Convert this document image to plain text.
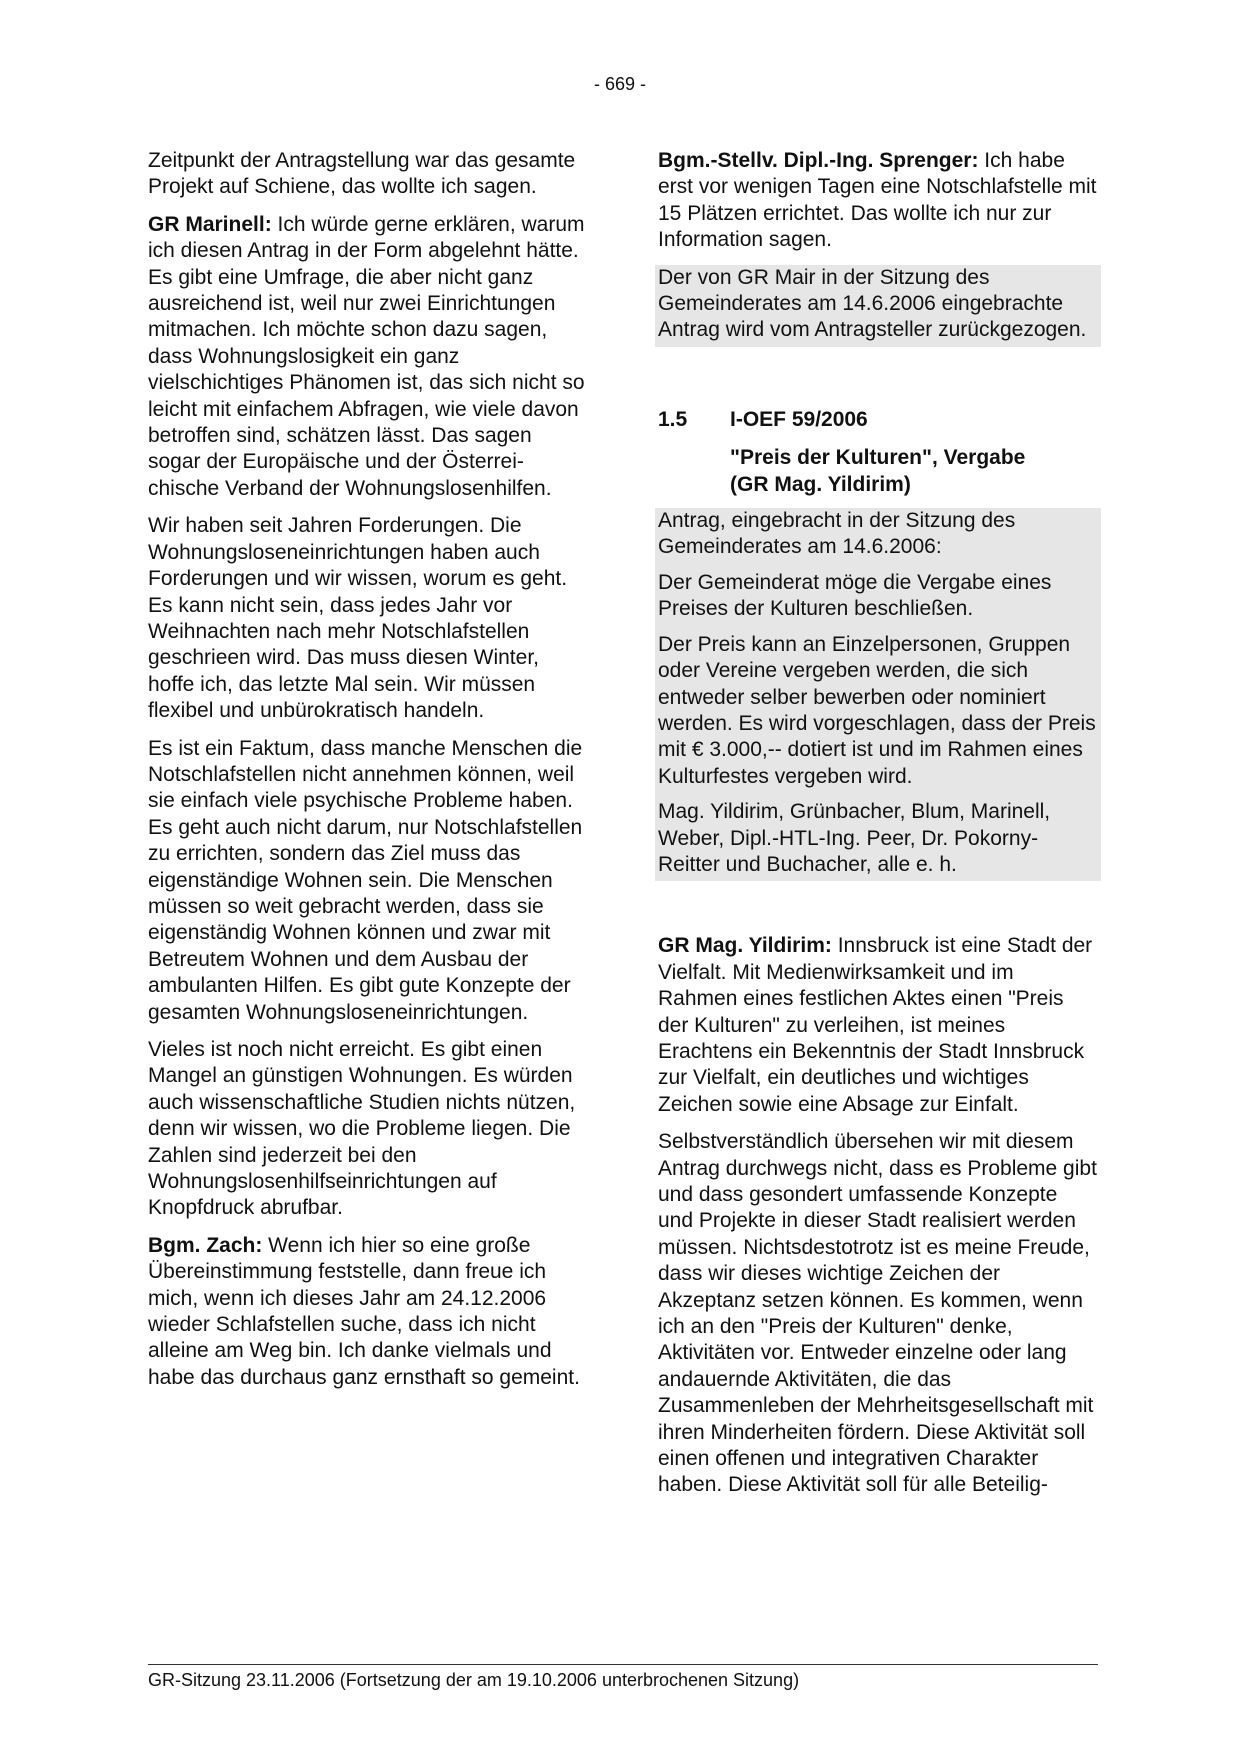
- 669 -

Zeitpunkt der Antragstellung war das gesamte Projekt auf Schiene, das wollte ich sagen.

GR Marinell: Ich würde gerne erklären, warum ich diesen Antrag in der Form abgelehnt hätte. Es gibt eine Umfrage, die aber nicht ganz ausreichend ist, weil nur zwei Einrichtungen mitmachen. Ich möchte schon dazu sagen, dass Wohnungslosigkeit ein ganz vielschichtiges Phänomen ist, das sich nicht so leicht mit einfachem Abfragen, wie viele davon betroffen sind, schätzen lässt. Das sagen sogar der Europäische und der Österreichische Verband der Wohnungslosenhilfen.

Wir haben seit Jahren Forderungen. Die Wohnungsloseneinrichtungen haben auch Forderungen und wir wissen, worum es geht. Es kann nicht sein, dass jedes Jahr vor Weihnachten nach mehr Notschlafstellen geschrieen wird. Das muss diesen Winter, hoffe ich, das letzte Mal sein. Wir müssen flexibel und unbürokratisch handeln.

Es ist ein Faktum, dass manche Menschen die Notschlafstellen nicht annehmen können, weil sie einfach viele psychische Probleme haben. Es geht auch nicht darum, nur Notschlafstellen zu errichten, sondern das Ziel muss das eigenständige Wohnen sein. Die Menschen müssen so weit gebracht werden, dass sie eigenständig Wohnen können und zwar mit Betreutem Wohnen und dem Ausbau der ambulanten Hilfen. Es gibt gute Konzepte der gesamten Wohnungsloseneinrichtungen.

Vieles ist noch nicht erreicht. Es gibt einen Mangel an günstigen Wohnungen. Es würden auch wissenschaftliche Studien nichts nützen, denn wir wissen, wo die Probleme liegen. Die Zahlen sind jederzeit bei den Wohnungslosenhilfseinrichtungen auf Knopfdruck abrufbar.

Bgm. Zach: Wenn ich hier so eine große Übereinstimmung feststelle, dann freue ich mich, wenn ich dieses Jahr am 24.12.2006 wieder Schlafstellen suche, dass ich nicht alleine am Weg bin. Ich danke vielmals und habe das durchaus ganz ernsthaft so gemeint.

Bgm.-Stellv. Dipl.-Ing. Sprenger: Ich habe erst vor wenigen Tagen eine Notschlafstelle mit 15 Plätzen errichtet. Das wollte ich nur zur Information sagen.

Der von GR Mair in der Sitzung des Gemeinderates am 14.6.2006 eingebrachte Antrag wird vom Antragsteller zurückgezogen.

1.5	I-OEF 59/2006
"Preis der Kulturen", Vergabe
(GR Mag. Yildirim)

Antrag, eingebracht in der Sitzung des Gemeinderates am 14.6.2006:

Der Gemeinderat möge die Vergabe eines Preises der Kulturen beschließen.

Der Preis kann an Einzelpersonen, Gruppen oder Vereine vergeben werden, die sich entweder selber bewerben oder nominiert werden. Es wird vorgeschlagen, dass der Preis mit € 3.000,-- dotiert ist und im Rahmen eines Kulturfestes vergeben wird.

Mag. Yildirim, Grünbacher, Blum, Marinell, Weber, Dipl.-HTL-Ing. Peer, Dr. Pokorny-Reitter und Buchacher, alle e. h.

GR Mag. Yildirim: Innsbruck ist eine Stadt der Vielfalt. Mit Medienwirksamkeit und im Rahmen eines festlichen Aktes einen "Preis der Kulturen" zu verleihen, ist meines Erachtens ein Bekenntnis der Stadt Innsbruck zur Vielfalt, ein deutliches und wichtiges Zeichen sowie eine Absage zur Einfalt.

Selbstverständlich übersehen wir mit diesem Antrag durchwegs nicht, dass es Probleme gibt und dass gesondert umfassende Konzepte und Projekte in dieser Stadt realisiert werden müssen. Nichtsdestotrotz ist es meine Freude, dass wir dieses wichtige Zeichen der Akzeptanz setzen können. Es kommen, wenn ich an den "Preis der Kulturen" denke, Aktivitäten vor. Entweder einzelne oder lang andauernde Aktivitäten, die das Zusammenleben der Mehrheitsgesellschaft mit ihren Minderheiten fördern. Diese Aktivität soll einen offenen und integrativen Charakter haben. Diese Aktivität soll für alle Beteilig-

GR-Sitzung 23.11.2006 (Fortsetzung der am 19.10.2006 unterbrochenen Sitzung)
